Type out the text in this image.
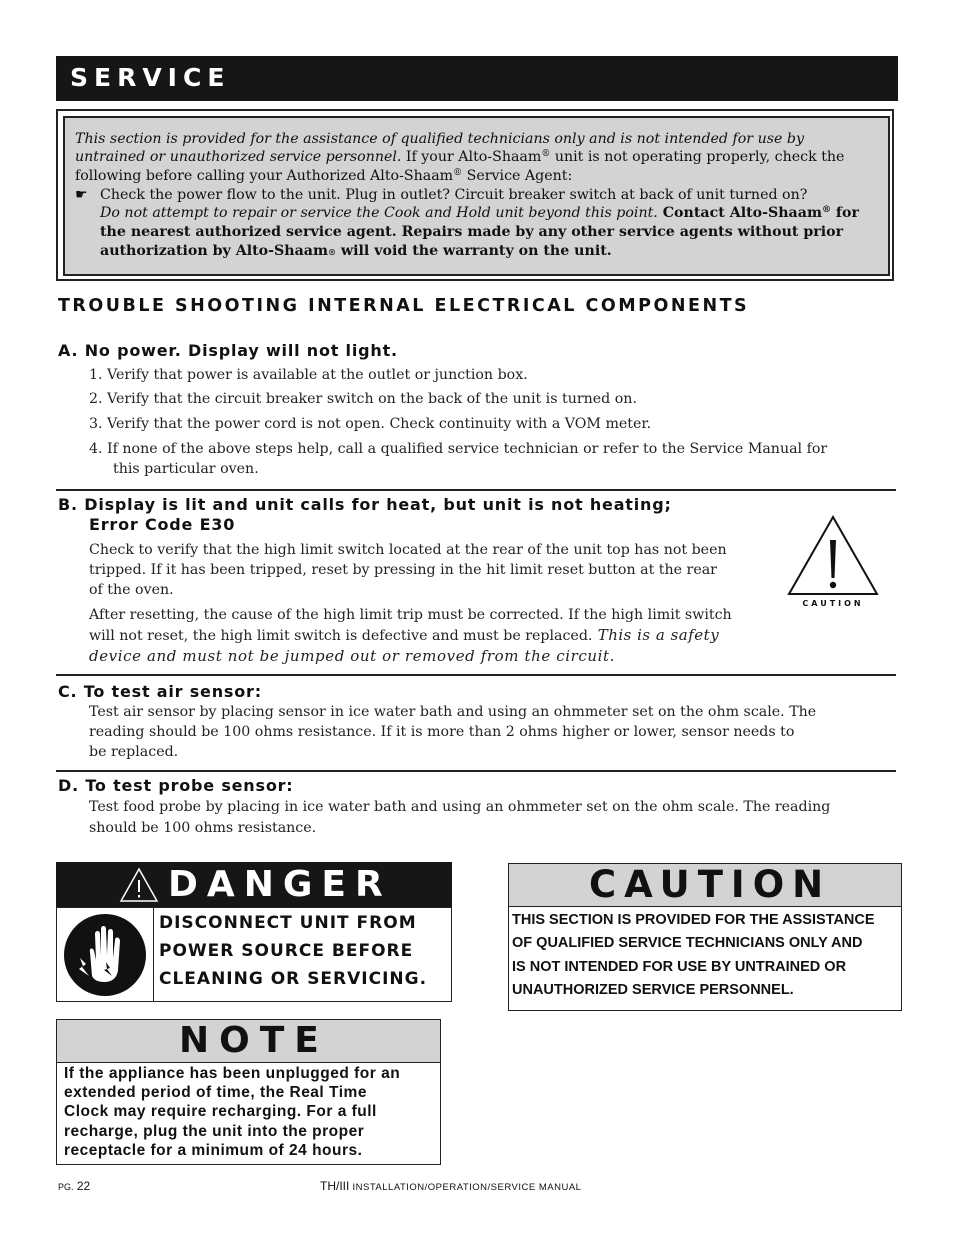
SERVICE
This section is provided for the assistance of qualified technicians only and is not intended for use by
untrained or unauthorized service personnel. If your Alto-Shaam® unit is not operating properly, check the
following before calling your Authorized Alto-Shaam® Service Agent:
☛ Check the power flow to the unit. Plug in outlet? Circuit breaker switch at back of unit turned on?
Do not attempt to repair or service the Cook and Hold unit beyond this point. Contact Alto-Shaam® for
the nearest authorized service agent. Repairs made by any other service agents without prior
authorization by Alto-Shaam® will void the warranty on the unit.
TROUBLE SHOOTING INTERNAL ELECTRICAL COMPONENTS
A. No power. Display will not light.
1. Verify that power is available at the outlet or junction box.
2. Verify that the circuit breaker switch on the back of the unit is turned on.
3. Verify that the power cord is not open. Check continuity with a VOM meter.
4. If none of the above steps help, call a qualified service technician or refer to the Service Manual for
this particular oven.
B. Display is lit and unit calls for heat, but unit is not heating;
Error Code E30
Check to verify that the high limit switch located at the rear of the unit top has not been
tripped. If it has been tripped, reset by pressing in the hit limit reset button at the rear
of the oven.
After resetting, the cause of the high limit trip must be corrected. If the high limit switch
will not reset, the high limit switch is defective and must be replaced. This is a safety
device and must not be jumped out or removed from the circuit.
CAUTION
C. To test air sensor:
Test air sensor by placing sensor in ice water bath and using an ohmmeter set on the ohm scale. The
reading should be 100 ohms resistance. If it is more than 2 ohms higher or lower, sensor needs to
be replaced.
D. To test probe sensor:
Test food probe by placing in ice water bath and using an ohmmeter set on the ohm scale. The reading
should be 100 ohms resistance.
DANGER
DISCONNECT UNIT FROM
POWER SOURCE BEFORE
CLEANING OR SERVICING.
CAUTION
THIS SECTION IS PROVIDED FOR THE ASSISTANCE
OF QUALIFIED SERVICE TECHNICIANS ONLY AND
IS NOT INTENDED FOR USE BY UNTRAINED OR
UNAUTHORIZED SERVICE PERSONNEL.
NOTE
If the appliance has been unplugged for an
extended period of time, the Real Time
Clock may require recharging. For a full
recharge, plug the unit into the proper
receptacle for a minimum of 24 hours.
PG. 22	TH/III INSTALLATION/OPERATION/SERVICE MANUAL
